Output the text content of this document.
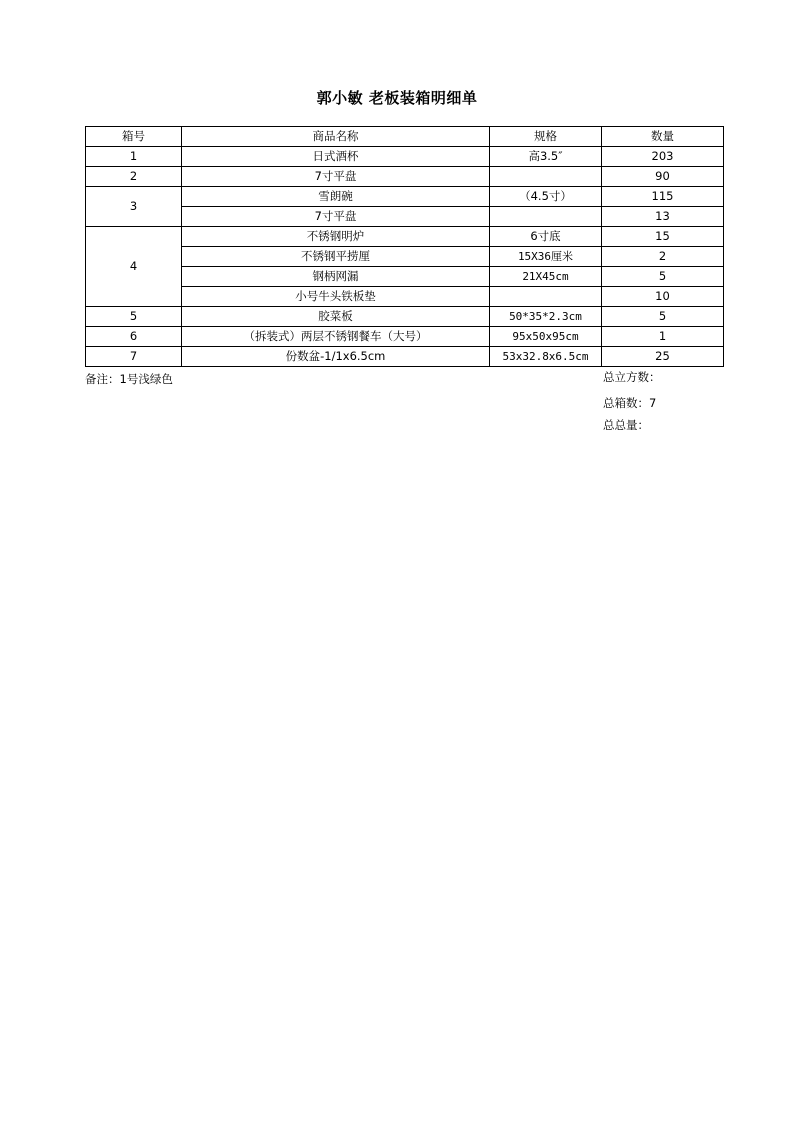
郭小敏 老板装箱明细单
箱号	商品名称	规格	数量
1	日式酒杯	高3.5″	203
2	7寸平盘		90
3	雪朗碗	（4.5寸）	115
	7寸平盘		13
4	不锈钢明炉	6寸底	15
	不锈钢平捞厘	15X36厘米	2
	钢柄网漏	21X45cm	5
	小号牛头铁板垫		10
5	胶菜板	50*35*2.3cm	5
6	（拆装式）两层不锈钢餐车（大号）	95x50x95cm	1
7	份数盆-1/1x6.5cm	53x32.8x6.5cm	25
备注：1号浅绿色	总立方数：
总箱数：7
总总量：
